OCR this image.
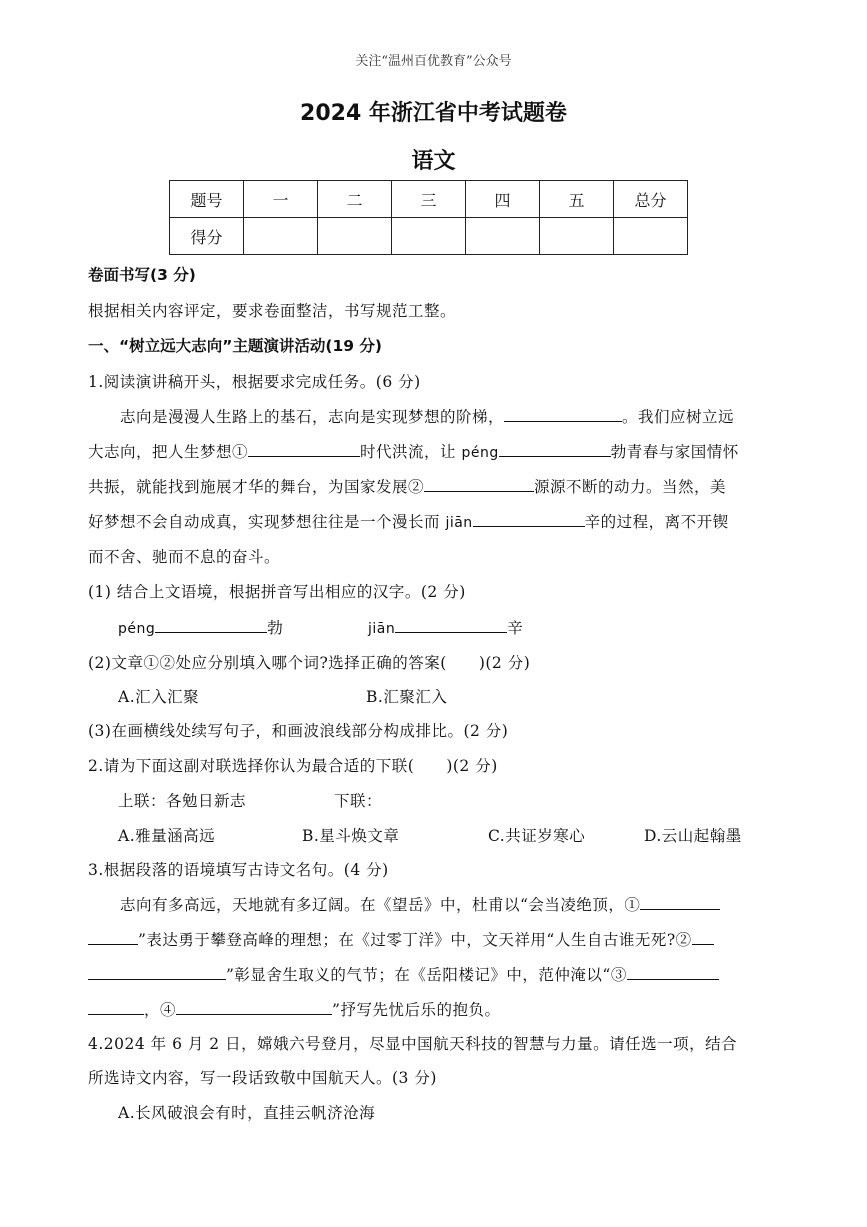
关注“温州百优教育”公众号
2024 年浙江省中考试题卷
语文
题号	一	二	三	四	五	总分
得分						
卷面书写(3 分)
根据相关内容评定，要求卷面整洁，书写规范工整。
一、“树立远大志向”主题演讲活动(19 分)
1.阅读演讲稿开头，根据要求完成任务。(6 分)
志向是漫漫人生路上的基石，志向是实现梦想的阶梯，	。我们应树立远
大志向，把人生梦想①	时代洪流，让 péng	勃青春与家国情怀
共振，就能找到施展才华的舞台，为国家发展②	源源不断的动力。当然，美
好梦想不会自动成真，实现梦想往往是一个漫长而 jiān	辛的过程，离不开锲
而不舍、驰而不息的奋斗。
(1) 结合上文语境，根据拼音写出相应的汉字。(2 分)
péng	勃	jiān	辛
(2)文章①②处应分别填入哪个词?选择正确的答案(　　)(2 分)
A.汇入汇聚	B.汇聚汇入
(3)在画横线处续写句子，和画波浪线部分构成排比。(2 分)
2.请为下面这副对联选择你认为最合适的下联(　　)(2 分)
上联：各勉日新志	下联：
A.雅量涵高远	B.星斗焕文章	C.共证岁寒心	D.云山起翰墨
3.根据段落的语境填写古诗文名句。(4 分)
志向有多高远，天地就有多辽阔。在《望岳》中，杜甫以“会当凌绝顶，①
”表达勇于攀登高峰的理想；在《过零丁洋》中，文天祥用“人生自古谁无死?②
”彰显舍生取义的气节；在《岳阳楼记》中，范仲淹以“③
，④	”抒写先忧后乐的抱负。
4.2024 年 6 月 2 日，嫦娥六号登月，尽显中国航天科技的智慧与力量。请任选一项，结合
所选诗文内容，写一段话致敬中国航天人。(3 分)
A.长风破浪会有时，直挂云帆济沧海
